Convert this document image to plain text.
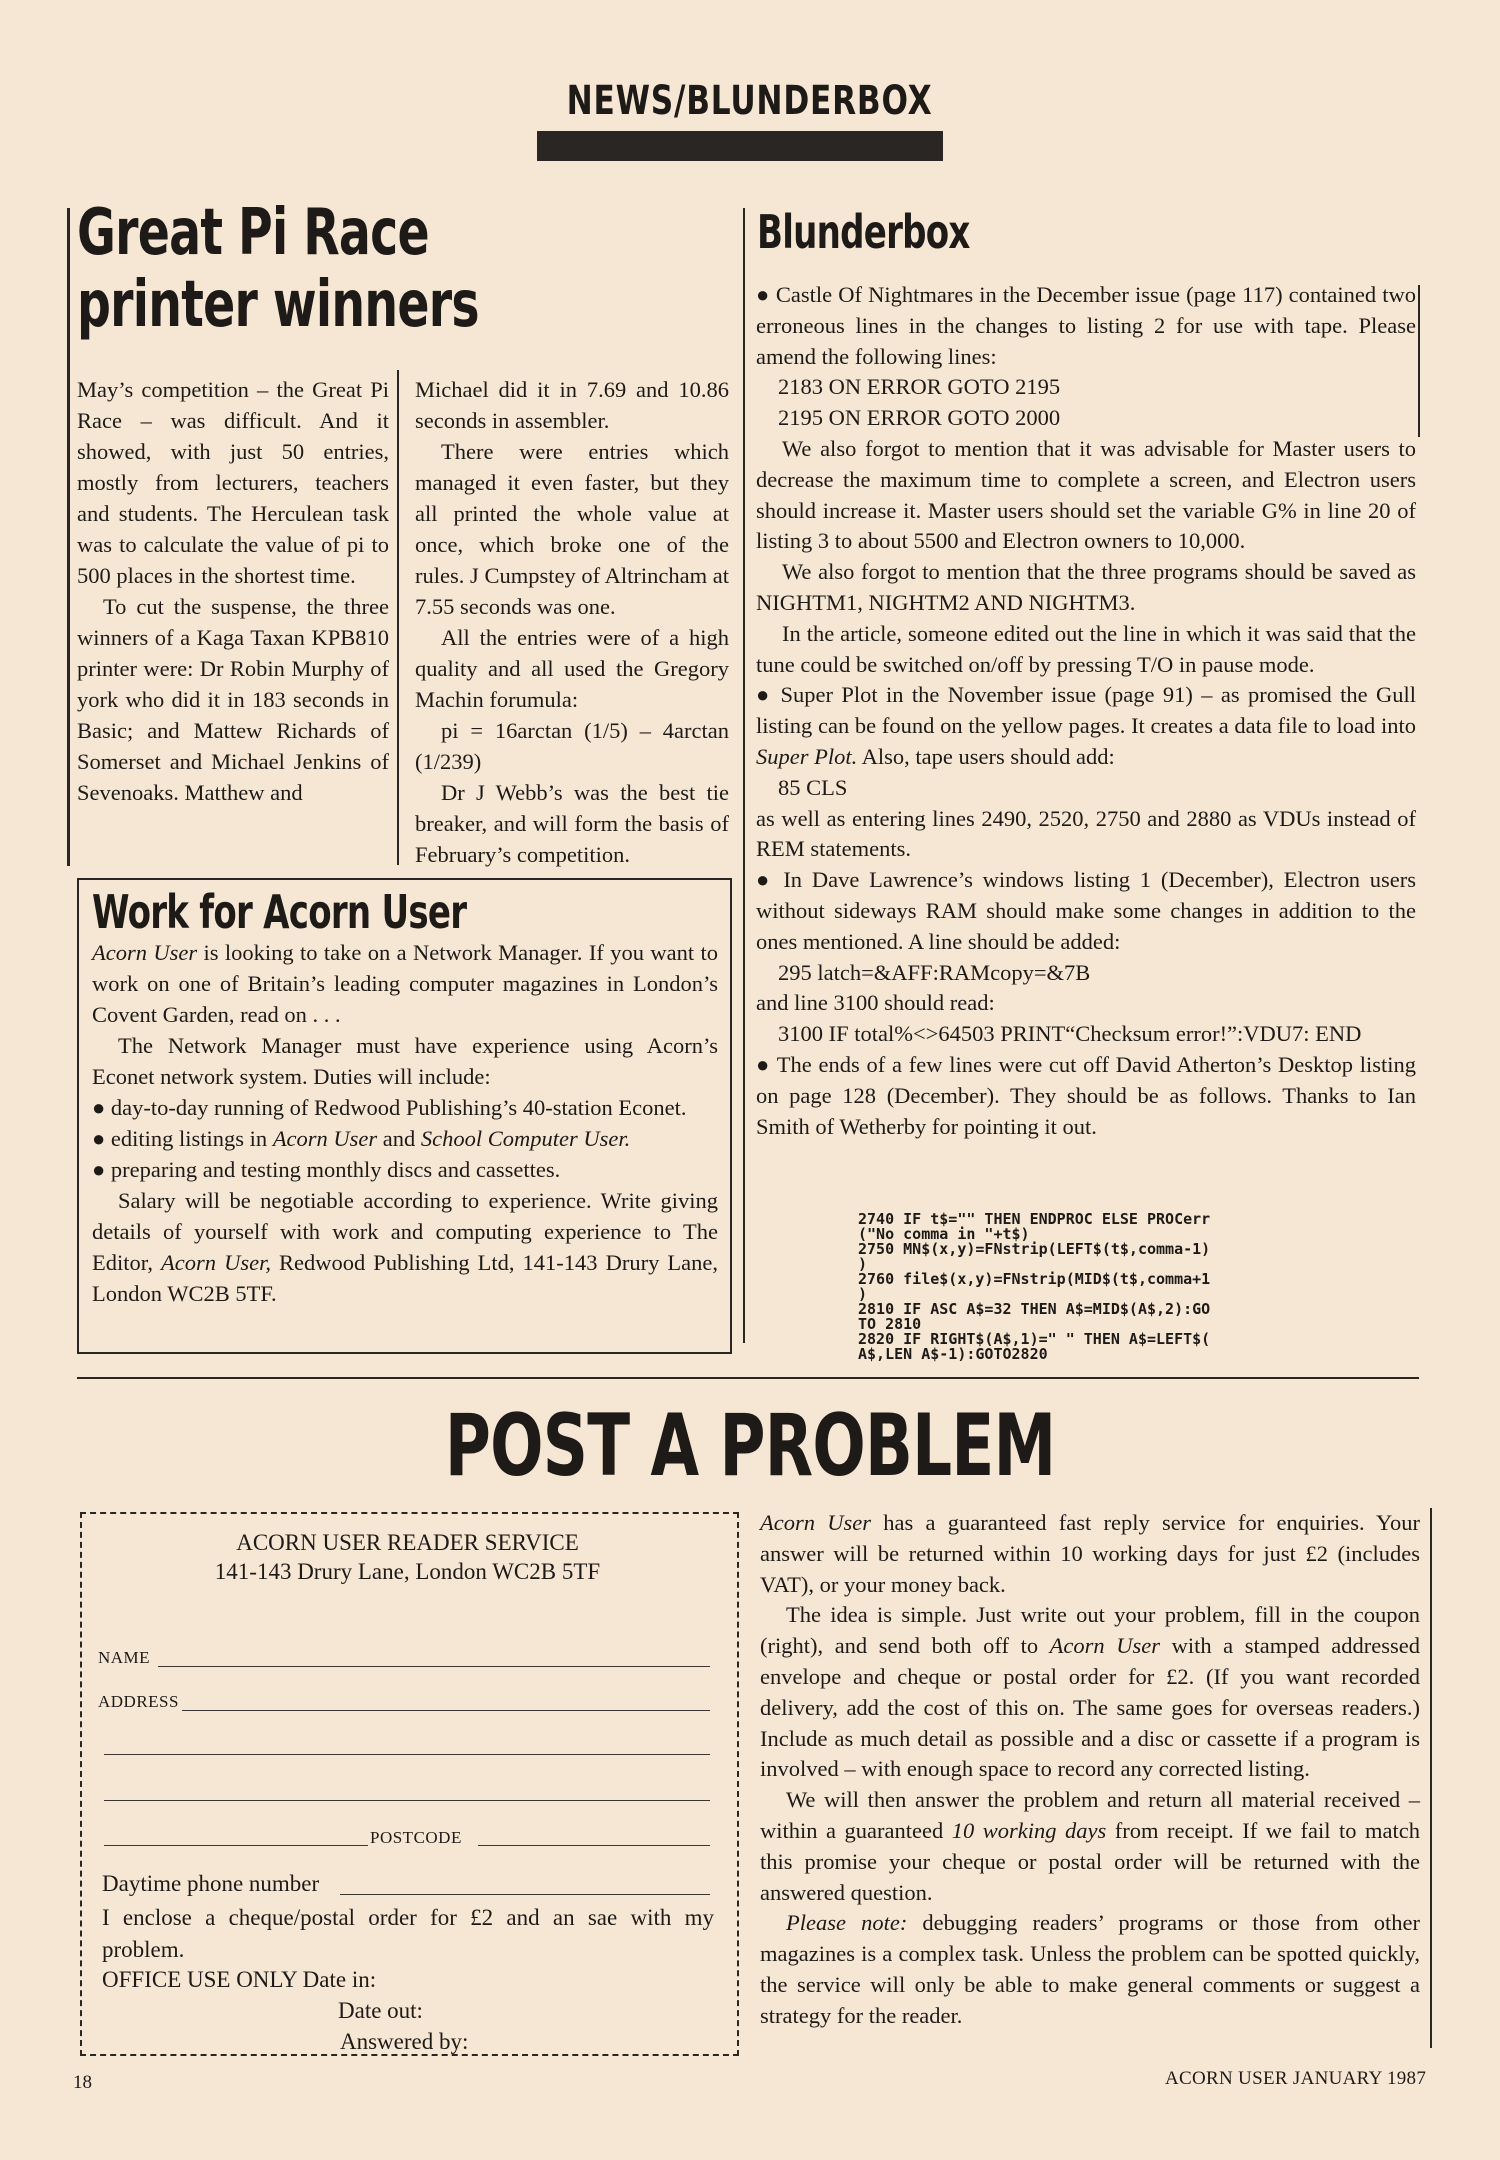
NEWS/BLUNDERBOX
Great Pi Race
printer winners

May’s competition – the Great Pi Race – was difficult. And it showed, with just 50 entries, mostly from lecturers, teachers and students. The Herculean task was to calculate the value of pi to 500 places in the shortest time.

To cut the suspense, the three winners of a Kaga Taxan KPB810 printer were: Dr Robin Murphy of york who did it in 183 seconds in Basic; and Mattew Richards of Somerset and Michael Jenkins of Sevenoaks. Matthew and

Michael did it in 7.69 and 10.86 seconds in assembler.

There were entries which managed it even faster, but they all printed the whole value at once, which broke one of the rules. J Cumpstey of Altrincham at 7.55 seconds was one.

All the entries were of a high quality and all used the Gregory Machin forumula:

pi = 16arctan (1/5) – 4arctan (1/239)

Dr J Webb’s was the best tie breaker, and will form the basis of February’s competition.

Work for Acorn User

Acorn User is looking to take on a Network Manager. If you want to work on one of Britain’s leading computer magazines in London’s Covent Garden, read on . . .

The Network Manager must have experience using Acorn’s Econet network system. Duties will include:

● day-to-day running of Redwood Publishing’s 40-station Econet.

● editing listings in Acorn User and School Computer User.

● preparing and testing monthly discs and cassettes.

Salary will be negotiable according to experience. Write giving details of yourself with work and computing experience to The Editor, Acorn User, Redwood Publishing Ltd, 141-143 Drury Lane, London WC2B 5TF.

Blunderbox

● Castle Of Nightmares in the December issue (page 117) contained two erroneous lines in the changes to listing 2 for use with tape. Please amend the following lines:

2183 ON ERROR GOTO 2195

2195 ON ERROR GOTO 2000

We also forgot to mention that it was advisable for Master users to decrease the maximum time to complete a screen, and Electron users should increase it. Master users should set the variable G% in line 20 of listing 3 to about 5500 and Electron owners to 10,000.

We also forgot to mention that the three programs should be saved as NIGHTM1, NIGHTM2 AND NIGHTM3.

In the article, someone edited out the line in which it was said that the tune could be switched on/off by pressing T/O in pause mode.

● Super Plot in the November issue (page 91) – as promised the Gull listing can be found on the yellow pages. It creates a data file to load into Super Plot. Also, tape users should add:

85 CLS

as well as entering lines 2490, 2520, 2750 and 2880 as VDUs instead of REM statements.

● In Dave Lawrence’s windows listing 1 (December), Electron users without sideways RAM should make some changes in addition to the ones mentioned. A line should be added:

295 latch=&AFF:RAMcopy=&7B

and line 3100 should read:

3100 IF total%<>64503 PRINT“Checksum error!”:VDU7: END

● The ends of a few lines were cut off David Atherton’s Desktop listing on page 128 (December). They should be as follows. Thanks to Ian Smith of Wetherby for pointing it out.

2740 IF t$="" THEN ENDPROC ELSE PROCerr
("No comma in "+t$)
2750 MN$(x,y)=FNstrip(LEFT$(t$,comma-1)
)
2760 file$(x,y)=FNstrip(MID$(t$,comma+1
)
2810 IF ASC A$=32 THEN A$=MID$(A$,2):GO
TO 2810
2820 IF RIGHT$(A$,1)=" " THEN A$=LEFT$(
A$,LEN A$-1):GOTO2820
POST A PROBLEM
ACORN USER READER SERVICE
141-143 Drury Lane, London WC2B 5TF
NAME
ADDRESS
POSTCODE
Daytime phone number
I enclose a cheque/postal order for £2 and an sae with my problem.
OFFICE USE ONLY Date in:
Date out:
Answered by:

Acorn User has a guaranteed fast reply service for enquiries. Your answer will be returned within 10 working days for just £2 (includes VAT), or your money back.

The idea is simple. Just write out your problem, fill in the coupon (right), and send both off to Acorn User with a stamped addressed envelope and cheque or postal order for £2. (If you want recorded delivery, add the cost of this on. The same goes for overseas readers.) Include as much detail as possible and a disc or cassette if a program is involved – with enough space to record any corrected listing.

We will then answer the problem and return all material received – within a guaranteed 10 working days from receipt. If we fail to match this promise your cheque or postal order will be returned with the answered question.

Please note: debugging readers’ programs or those from other magazines is a complex task. Unless the problem can be spotted quickly, the service will only be able to make general comments or suggest a strategy for the reader.

18	ACORN USER JANUARY 1987
